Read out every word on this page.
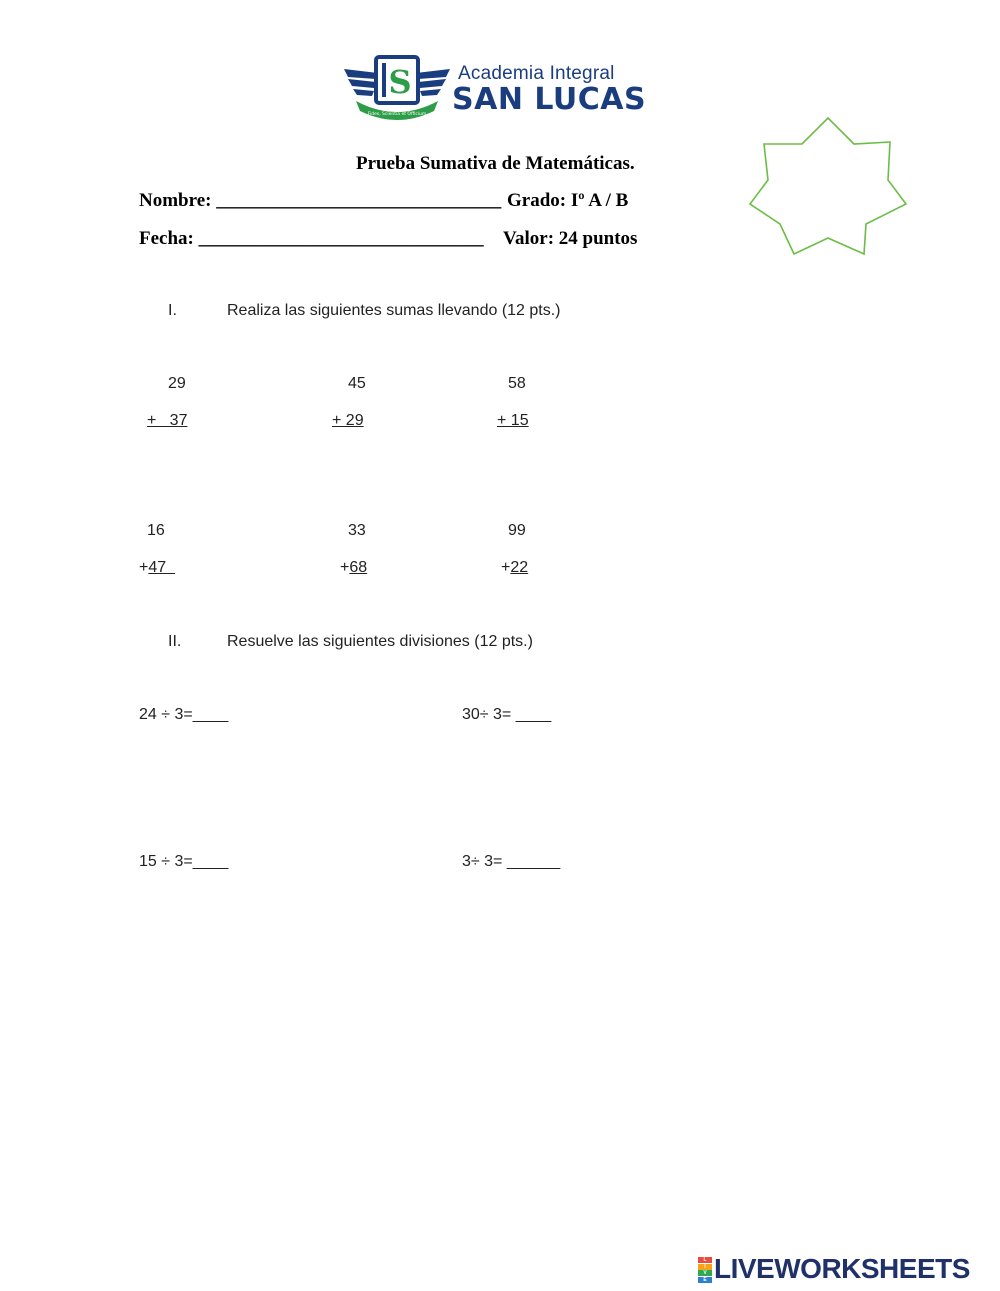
Fides, Scientia et Officium
S Academia Integral
SAN LUCAS
Prueba Sumativa de Matemáticas.
Nombre: ______________________________ Grado: Iº A / B
Fecha: ______________________________ Valor: 24 puntos
I.	Realiza las siguientes sumas llevando (12 pts.)
29
+   37
45
+ 29
58
+ 15
16
+47
33
+68
99
+22
II.	Resuelve las siguientes divisiones (12 pts.)
24 ÷ 3=____	30÷ 3= ____
15 ÷ 3=____	3÷ 3= ______
L
I
V
E LIVEWORKSHEETS
